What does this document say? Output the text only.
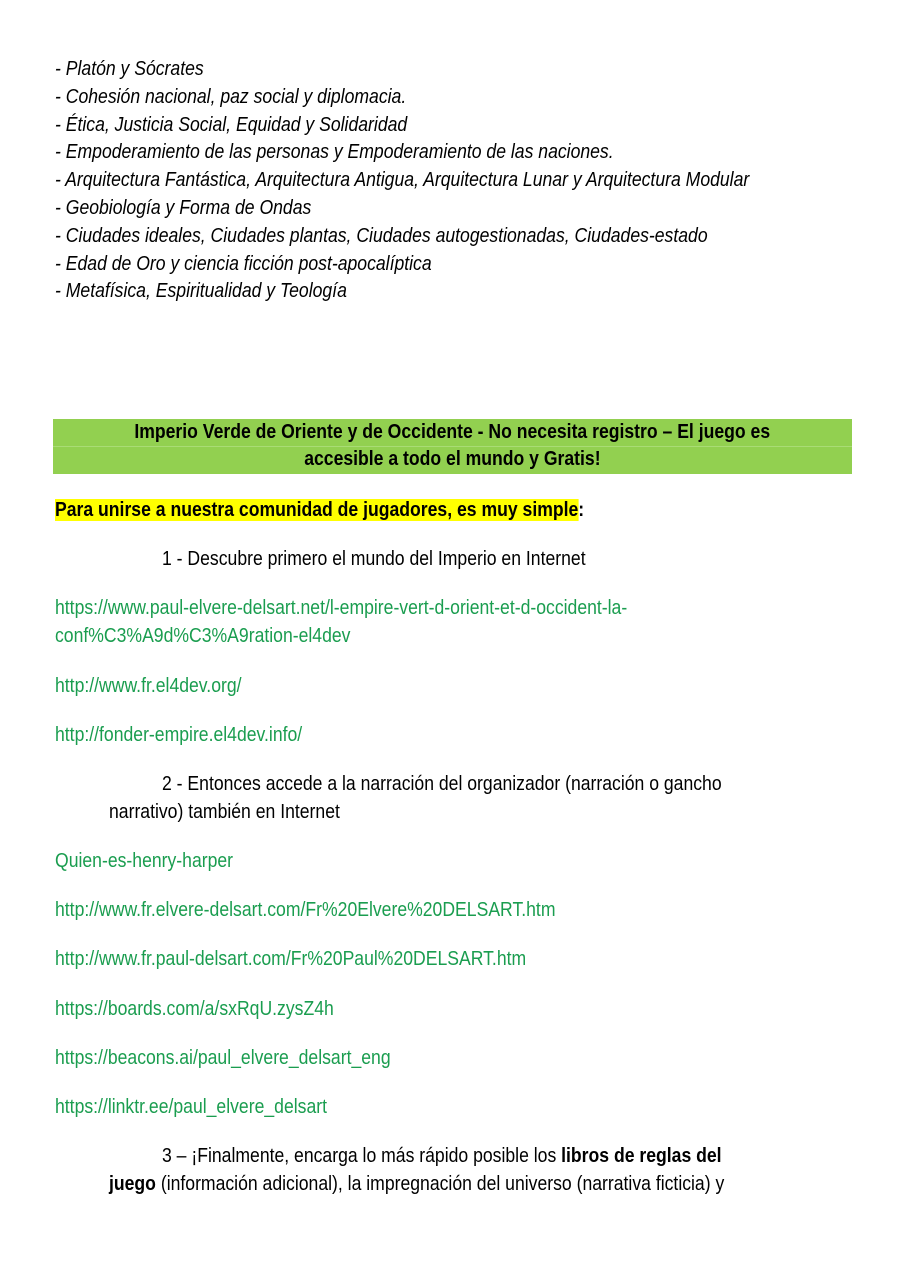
- Platón y Sócrates
- Cohesión nacional, paz social y diplomacia.
- Ética, Justicia Social, Equidad y Solidaridad
- Empoderamiento de las personas y Empoderamiento de las naciones.
- Arquitectura Fantástica, Arquitectura Antigua, Arquitectura Lunar y Arquitectura Modular
- Geobiología y Forma de Ondas
- Ciudades ideales, Ciudades plantas, Ciudades autogestionadas, Ciudades-estado
- Edad de Oro y ciencia ficción post-apocalíptica
- Metafísica, Espiritualidad y Teología
Imperio Verde de Oriente y de Occidente - No necesita registro – El juego es
accesible a todo el mundo y Gratis!
Para unirse a nuestra comunidad de jugadores, es muy simple:
1 - Descubre primero el mundo del Imperio en Internet
https://www.paul-elvere-delsart.net/l-empire-vert-d-orient-et-d-occident-la-
conf%C3%A9d%C3%A9ration-el4dev
http://www.fr.el4dev.org/
http://fonder-empire.el4dev.info/
2 - Entonces accede a la narración del organizador (narración o gancho
narrativo) también en Internet
Quien-es-henry-harper
http://www.fr.elvere-delsart.com/Fr%20Elvere%20DELSART.htm
http://www.fr.paul-delsart.com/Fr%20Paul%20DELSART.htm
https://boards.com/a/sxRqU.zysZ4h
https://beacons.ai/paul_elvere_delsart_eng
https://linktr.ee/paul_elvere_delsart
3 – ¡Finalmente, encarga lo más rápido posible los libros de reglas del
juego (información adicional), la impregnación del universo (narrativa ficticia) y
